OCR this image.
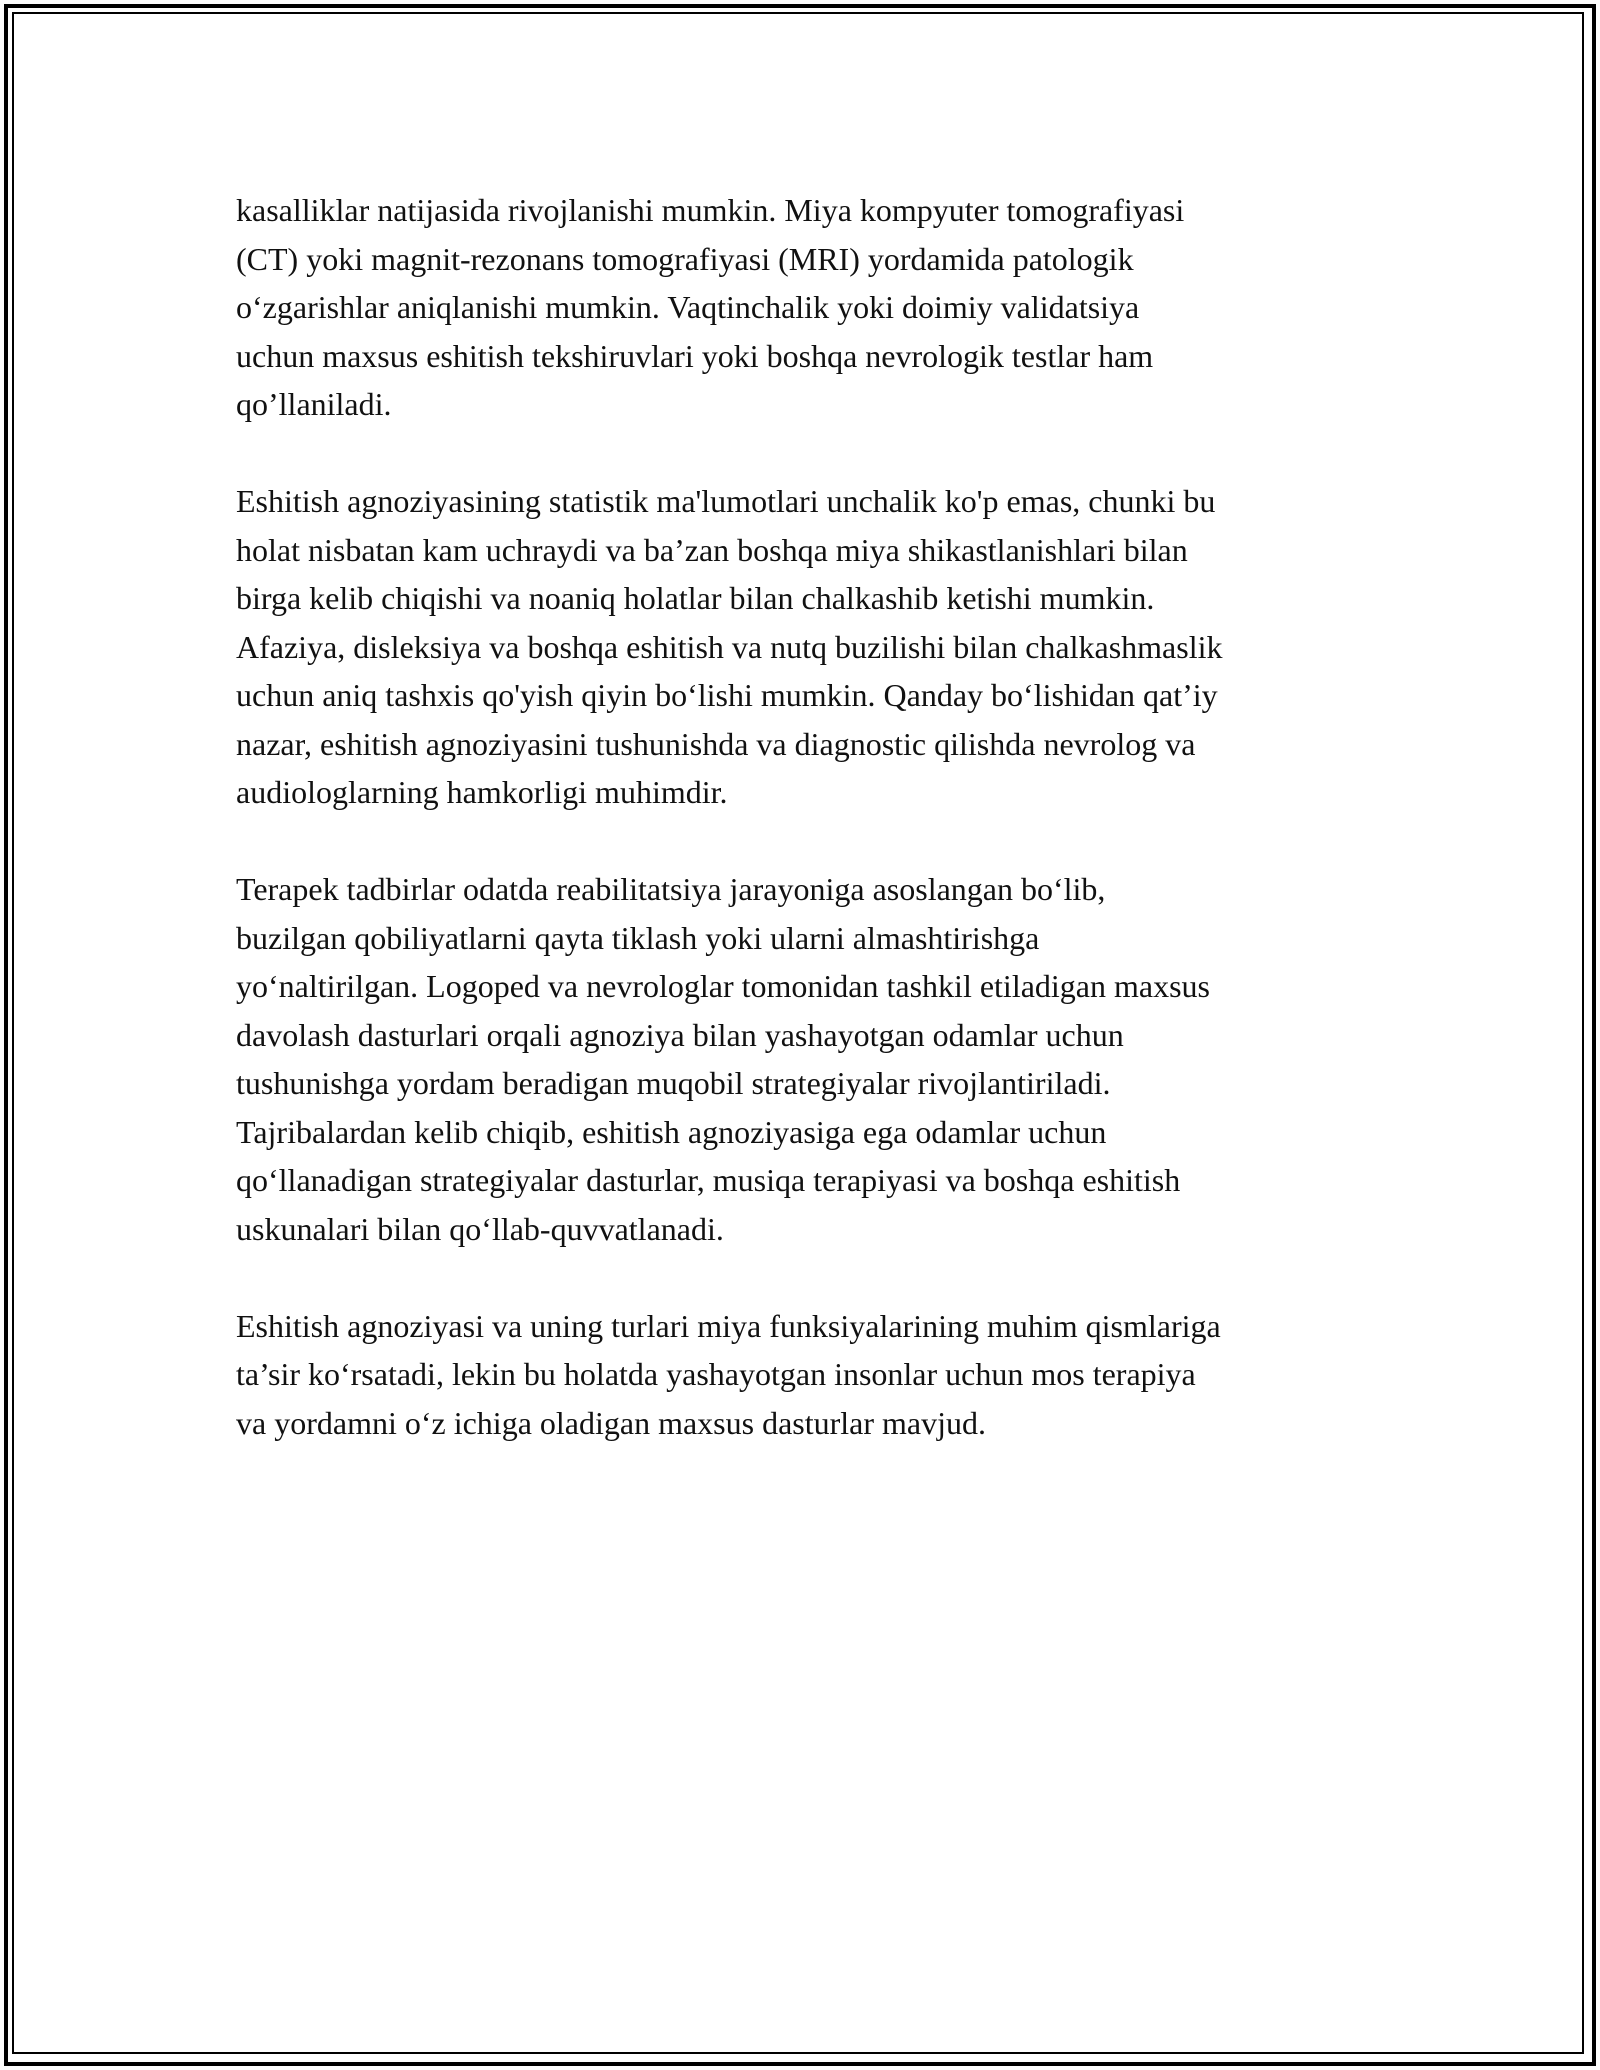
kasalliklar natijasida rivojlanishi mumkin. Miya kompyuter tomografiyasi
(CT) yoki magnit-rezonans tomografiyasi (MRI) yordamida patologik
o‘zgarishlar aniqlanishi mumkin. Vaqtinchalik yoki doimiy validatsiya
uchun maxsus eshitish tekshiruvlari yoki boshqa nevrologik testlar ham
qo’llaniladi.

Eshitish agnoziyasining statistik ma'lumotlari unchalik ko'p emas, chunki bu
holat nisbatan kam uchraydi va ba’zan boshqa miya shikastlanishlari bilan
birga kelib chiqishi va noaniq holatlar bilan chalkashib ketishi mumkin.
Afaziya, disleksiya va boshqa eshitish va nutq buzilishi bilan chalkashmaslik
uchun aniq tashxis qo'yish qiyin bo‘lishi mumkin. Qanday bo‘lishidan qat’iy
nazar, eshitish agnoziyasini tushunishda va diagnostic qilishda nevrolog va
audiologlarning hamkorligi muhimdir.

Terapek tadbirlar odatda reabilitatsiya jarayoniga asoslangan bo‘lib,
buzilgan qobiliyatlarni qayta tiklash yoki ularni almashtirishga
yo‘naltirilgan. Logoped va nevrologlar tomonidan tashkil etiladigan maxsus
davolash dasturlari orqali agnoziya bilan yashayotgan odamlar uchun
tushunishga yordam beradigan muqobil strategiyalar rivojlantiriladi.
Tajribalardan kelib chiqib, eshitish agnoziyasiga ega odamlar uchun
qo‘llanadigan strategiyalar dasturlar, musiqa terapiyasi va boshqa eshitish
uskunalari bilan qo‘llab-quvvatlanadi.

Eshitish agnoziyasi va uning turlari miya funksiyalarining muhim qismlariga
ta’sir ko‘rsatadi, lekin bu holatda yashayotgan insonlar uchun mos terapiya
va yordamni o‘z ichiga oladigan maxsus dasturlar mavjud.
